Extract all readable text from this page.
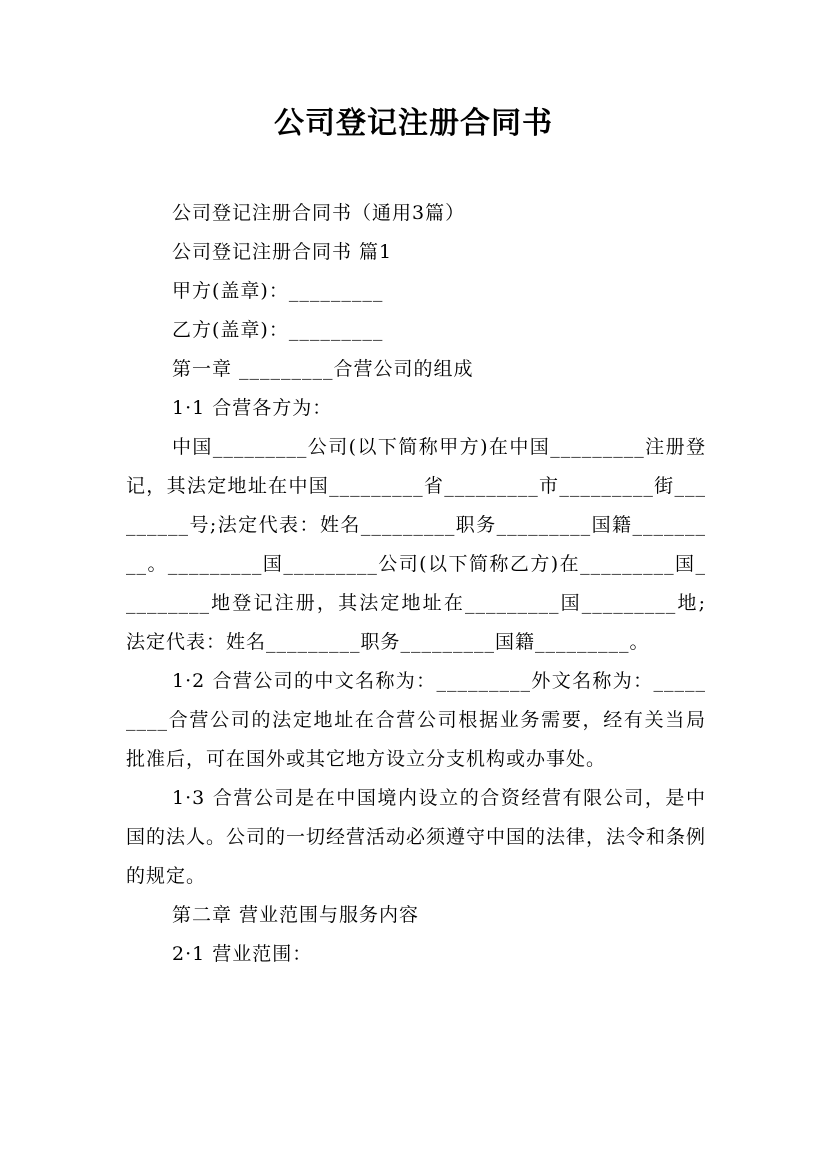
公司登记注册合同书

公司登记注册合同书（通用3篇）

公司登记注册合同书 篇1

甲方(盖章)：_________

乙方(盖章)：_________

第一章 _________合营公司的组成

1·1 合营各方为：

中国_________公司(以下简称甲方)在中国_________注册登记，其法定地址在中国_________省_________市_________街_________号;法定代表：姓名_________职务_________国籍_________。_________国_________公司(以下简称乙方)在_________国_________地登记注册，其法定地址在_________国_________地;法定代表：姓名_________职务_________国籍_________。

1·2 合营公司的中文名称为：_________外文名称为：_________合营公司的法定地址在合营公司根据业务需要，经有关当局批准后，可在国外或其它地方设立分支机构或办事处。

1·3 合营公司是在中国境内设立的合资经营有限公司，是中国的法人。公司的一切经营活动必须遵守中国的法律，法令和条例的规定。

第二章 营业范围与服务内容

2·1 营业范围：
